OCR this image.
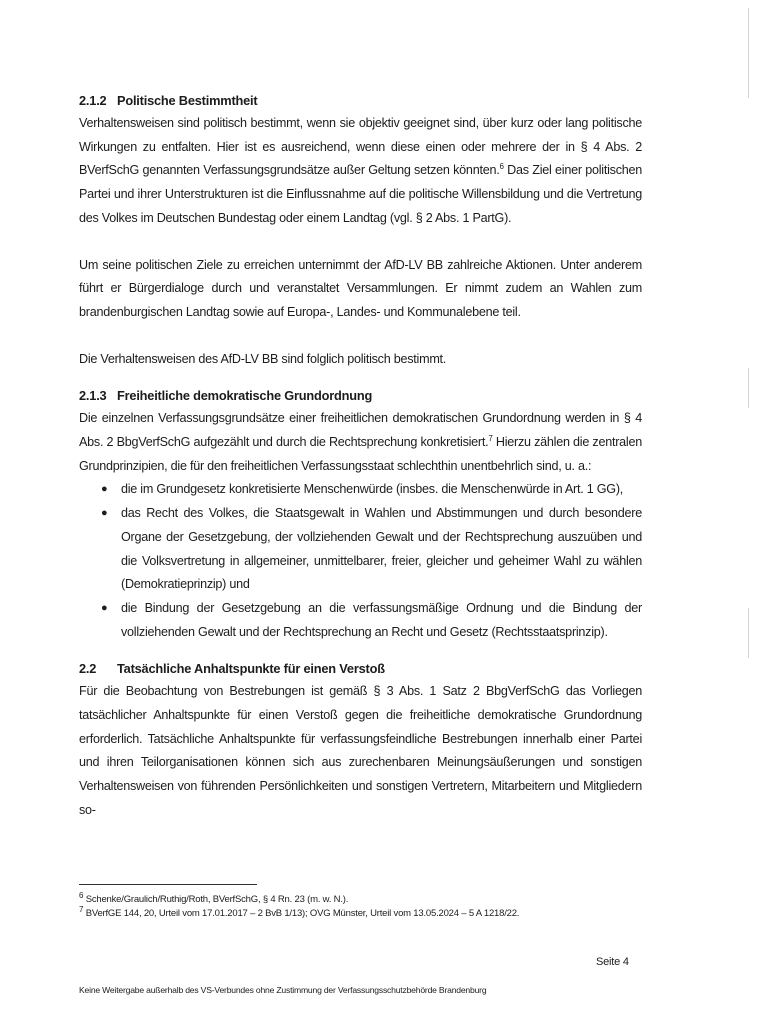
2.1.2 Politische Bestimmtheit

Verhaltensweisen sind politisch bestimmt, wenn sie objektiv geeignet sind, über kurz oder lang politische Wirkungen zu entfalten. Hier ist es ausreichend, wenn diese einen oder mehrere der in § 4 Abs. 2 BVerfSchG genannten Verfassungsgrundsätze außer Geltung setzen könnten.$^6$ Das Ziel einer politischen Partei und ihrer Unterstrukturen ist die Einflussnahme auf die politische Willensbildung und die Vertretung des Volkes im Deutschen Bundestag oder einem Landtag (vgl. § 2 Abs. 1 PartG).

Um seine politischen Ziele zu erreichen unternimmt der AfD-LV BB zahlreiche Aktionen. Unter anderem führt er Bürgerdialoge durch und veranstaltet Versammlungen. Er nimmt zudem an Wahlen zum brandenburgischen Landtag sowie auf Europa-, Landes- und Kommunalebene teil.

Die Verhaltensweisen des AfD-LV BB sind folglich politisch bestimmt.

2.1.3 Freiheitliche demokratische Grundordnung

Die einzelnen Verfassungsgrundsätze einer freiheitlichen demokratischen Grundordnung werden in § 4 Abs. 2 BbgVerfSchG aufgezählt und durch die Rechtsprechung konkretisiert.$^7$ Hierzu zählen die zentralen Grundprinzipien, die für den freiheitlichen Verfassungsstaat schlechthin unentbehrlich sind, u. a.:

● die im Grundgesetz konkretisierte Menschenwürde (insbes. die Menschenwürde in Art. 1 GG),
● das Recht des Volkes, die Staatsgewalt in Wahlen und Abstimmungen und durch besondere Organe der Gesetzgebung, der vollziehenden Gewalt und der Rechtsprechung auszuüben und die Volksvertretung in allgemeiner, unmittelbarer, freier, gleicher und geheimer Wahl zu wählen (Demokratieprinzip) und
● die Bindung der Gesetzgebung an die verfassungsmäßige Ordnung und die Bindung der vollziehenden Gewalt und der Rechtsprechung an Recht und Gesetz (Rechtsstaatsprinzip).
2.2 Tatsächliche Anhaltspunkte für einen Verstoß

Für die Beobachtung von Bestrebungen ist gemäß § 3 Abs. 1 Satz 2 BbgVerfSchG das Vorliegen tatsächlicher Anhaltspunkte für einen Verstoß gegen die freiheitliche demokratische Grundordnung erforderlich. Tatsächliche Anhaltspunkte für verfassungsfeindliche Bestrebungen innerhalb einer Partei und ihren Teilorganisationen können sich aus zurechenbaren Meinungsäußerungen und sonstigen Verhaltensweisen von führenden Persönlichkeiten und sonstigen Vertretern, Mitarbeitern und Mitgliedern so-

$^6$ Schenke/Graulich/Ruthig/Roth, BVerfSchG, § 4 Rn. 23 (m. w. N.).
$^7$ BVerfGE 144, 20, Urteil vom 17.01.2017 – 2 BvB 1/13); OVG Münster, Urteil vom 13.05.2024 – 5 A 1218/22.
Seite 4
Keine Weitergabe außerhalb des VS-Verbundes ohne Zustimmung der Verfassungsschutzbehörde Brandenburg
